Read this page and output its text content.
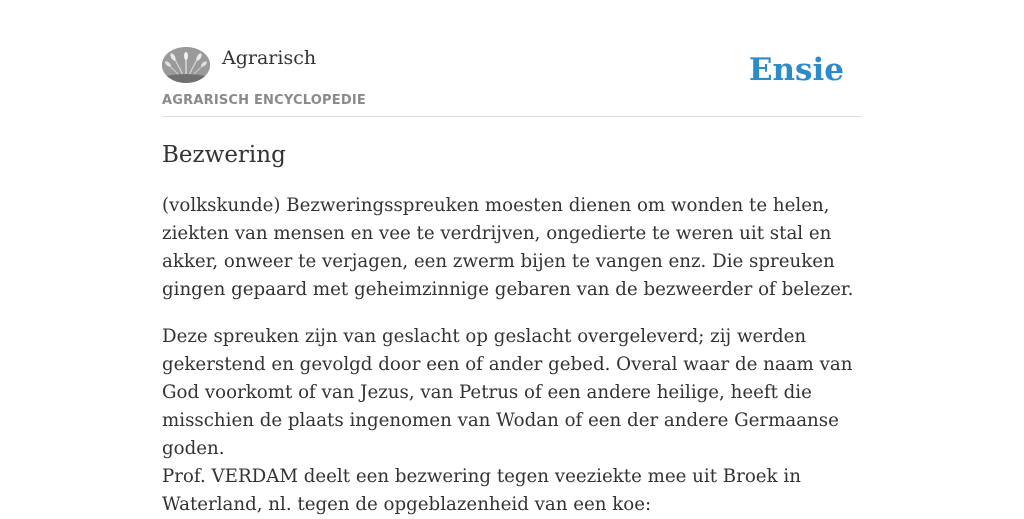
Agrarisch
AGRARISCH ENCYCLOPEDIE
Ensie
Bezwering

(volkskunde) Bezweringsspreuken moesten dienen om wonden te helen, ziekten van mensen en vee te verdrijven, ongedierte te weren uit stal en akker, onweer te verjagen, een zwerm bijen te vangen enz. Die spreuken gingen gepaard met geheimzinnige gebaren van de bezweerder of belezer.

Deze spreuken zijn van geslacht op geslacht overgeleverd; zij werden gekerstend en gevolgd door een of ander gebed. Overal waar de naam van God voorkomt of van Jezus, van Petrus of een andere heilige, heeft die misschien de plaats ingenomen van Wodan of een der andere Germaanse goden.

Prof. VERDAM deelt een bezwering tegen veeziekte mee uit Broek in Waterland, nl. tegen de opgeblazenheid van een koe:
